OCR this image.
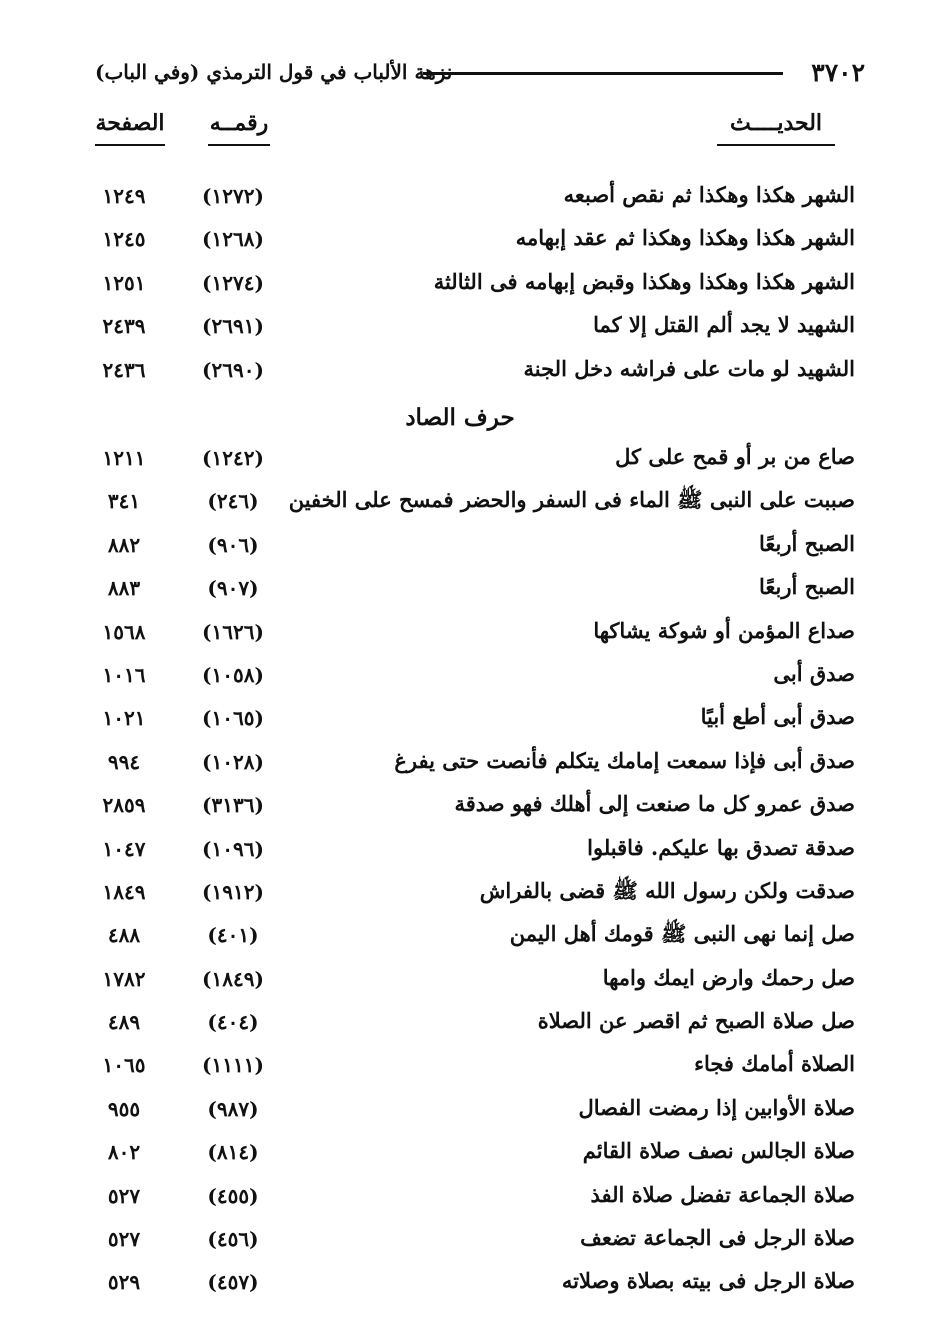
٣٧٠٢
نزهة الألباب في قول الترمذي (وفي الباب)
الحديــــث
رقمــه
الصفحة
الشهر هكذا وهكذا ثم نقص أصبعه
(١٢٧٢)
١٢٤٩
الشهر هكذا وهكذا وهكذا ثم عقد إبهامه
(١٢٦٨)
١٢٤٥
الشهر هكذا وهكذا وهكذا وقبض إبهامه فى الثالثة
(١٢٧٤)
١٢٥١
الشهيد لا يجد ألم القتل إلا كما
(٢٦٩١)
٢٤٣٩
الشهيد لو مات على فراشه دخل الجنة
(٢٦٩٠)
٢٤٣٦
حرف الصاد
صاع من بر أو قمح على كل
(١٢٤٢)
١٢١١
صببت على النبى ﷺ الماء فى السفر والحضر فمسح على الخفين
(٢٤٦)
٣٤١
الصبح أربعًا
(٩٠٦)
٨٨٢
الصبح أربعًا
(٩٠٧)
٨٨٣
صداع المؤمن أو شوكة يشاكها
(١٦٢٦)
١٥٦٨
صدق أبى
(١٠٥٨)
١٠١٦
صدق أبى أطع أبيًا
(١٠٦٥)
١٠٢١
صدق أبى فإذا سمعت إمامك يتكلم فأنصت حتى يفرغ
(١٠٢٨)
٩٩٤
صدق عمرو كل ما صنعت إلى أهلك فهو صدقة
(٣١٣٦)
٢٨٥٩
صدقة تصدق بها عليكم. فاقبلوا
(١٠٩٦)
١٠٤٧
صدقت ولكن رسول الله ﷺ قضى بالفراش
(١٩١٢)
١٨٤٩
صل إنما نهى النبى ﷺ قومك أهل اليمن
(٤٠١)
٤٨٨
صل رحمك وارض ايمك وامها
(١٨٤٩)
١٧٨٢
صل صلاة الصبح ثم اقصر عن الصلاة
(٤٠٤)
٤٨٩
الصلاة أمامك فجاء
(١١١١)
١٠٦٥
صلاة الأوابين إذا رمضت الفصال
(٩٨٧)
٩٥٥
صلاة الجالس نصف صلاة القائم
(٨١٤)
٨٠٢
صلاة الجماعة تفضل صلاة الفذ
(٤٥٥)
٥٢٧
صلاة الرجل فى الجماعة تضعف
(٤٥٦)
٥٢٧
صلاة الرجل فى بيته بصلاة وصلاته
(٤٥٧)
٥٢٩
